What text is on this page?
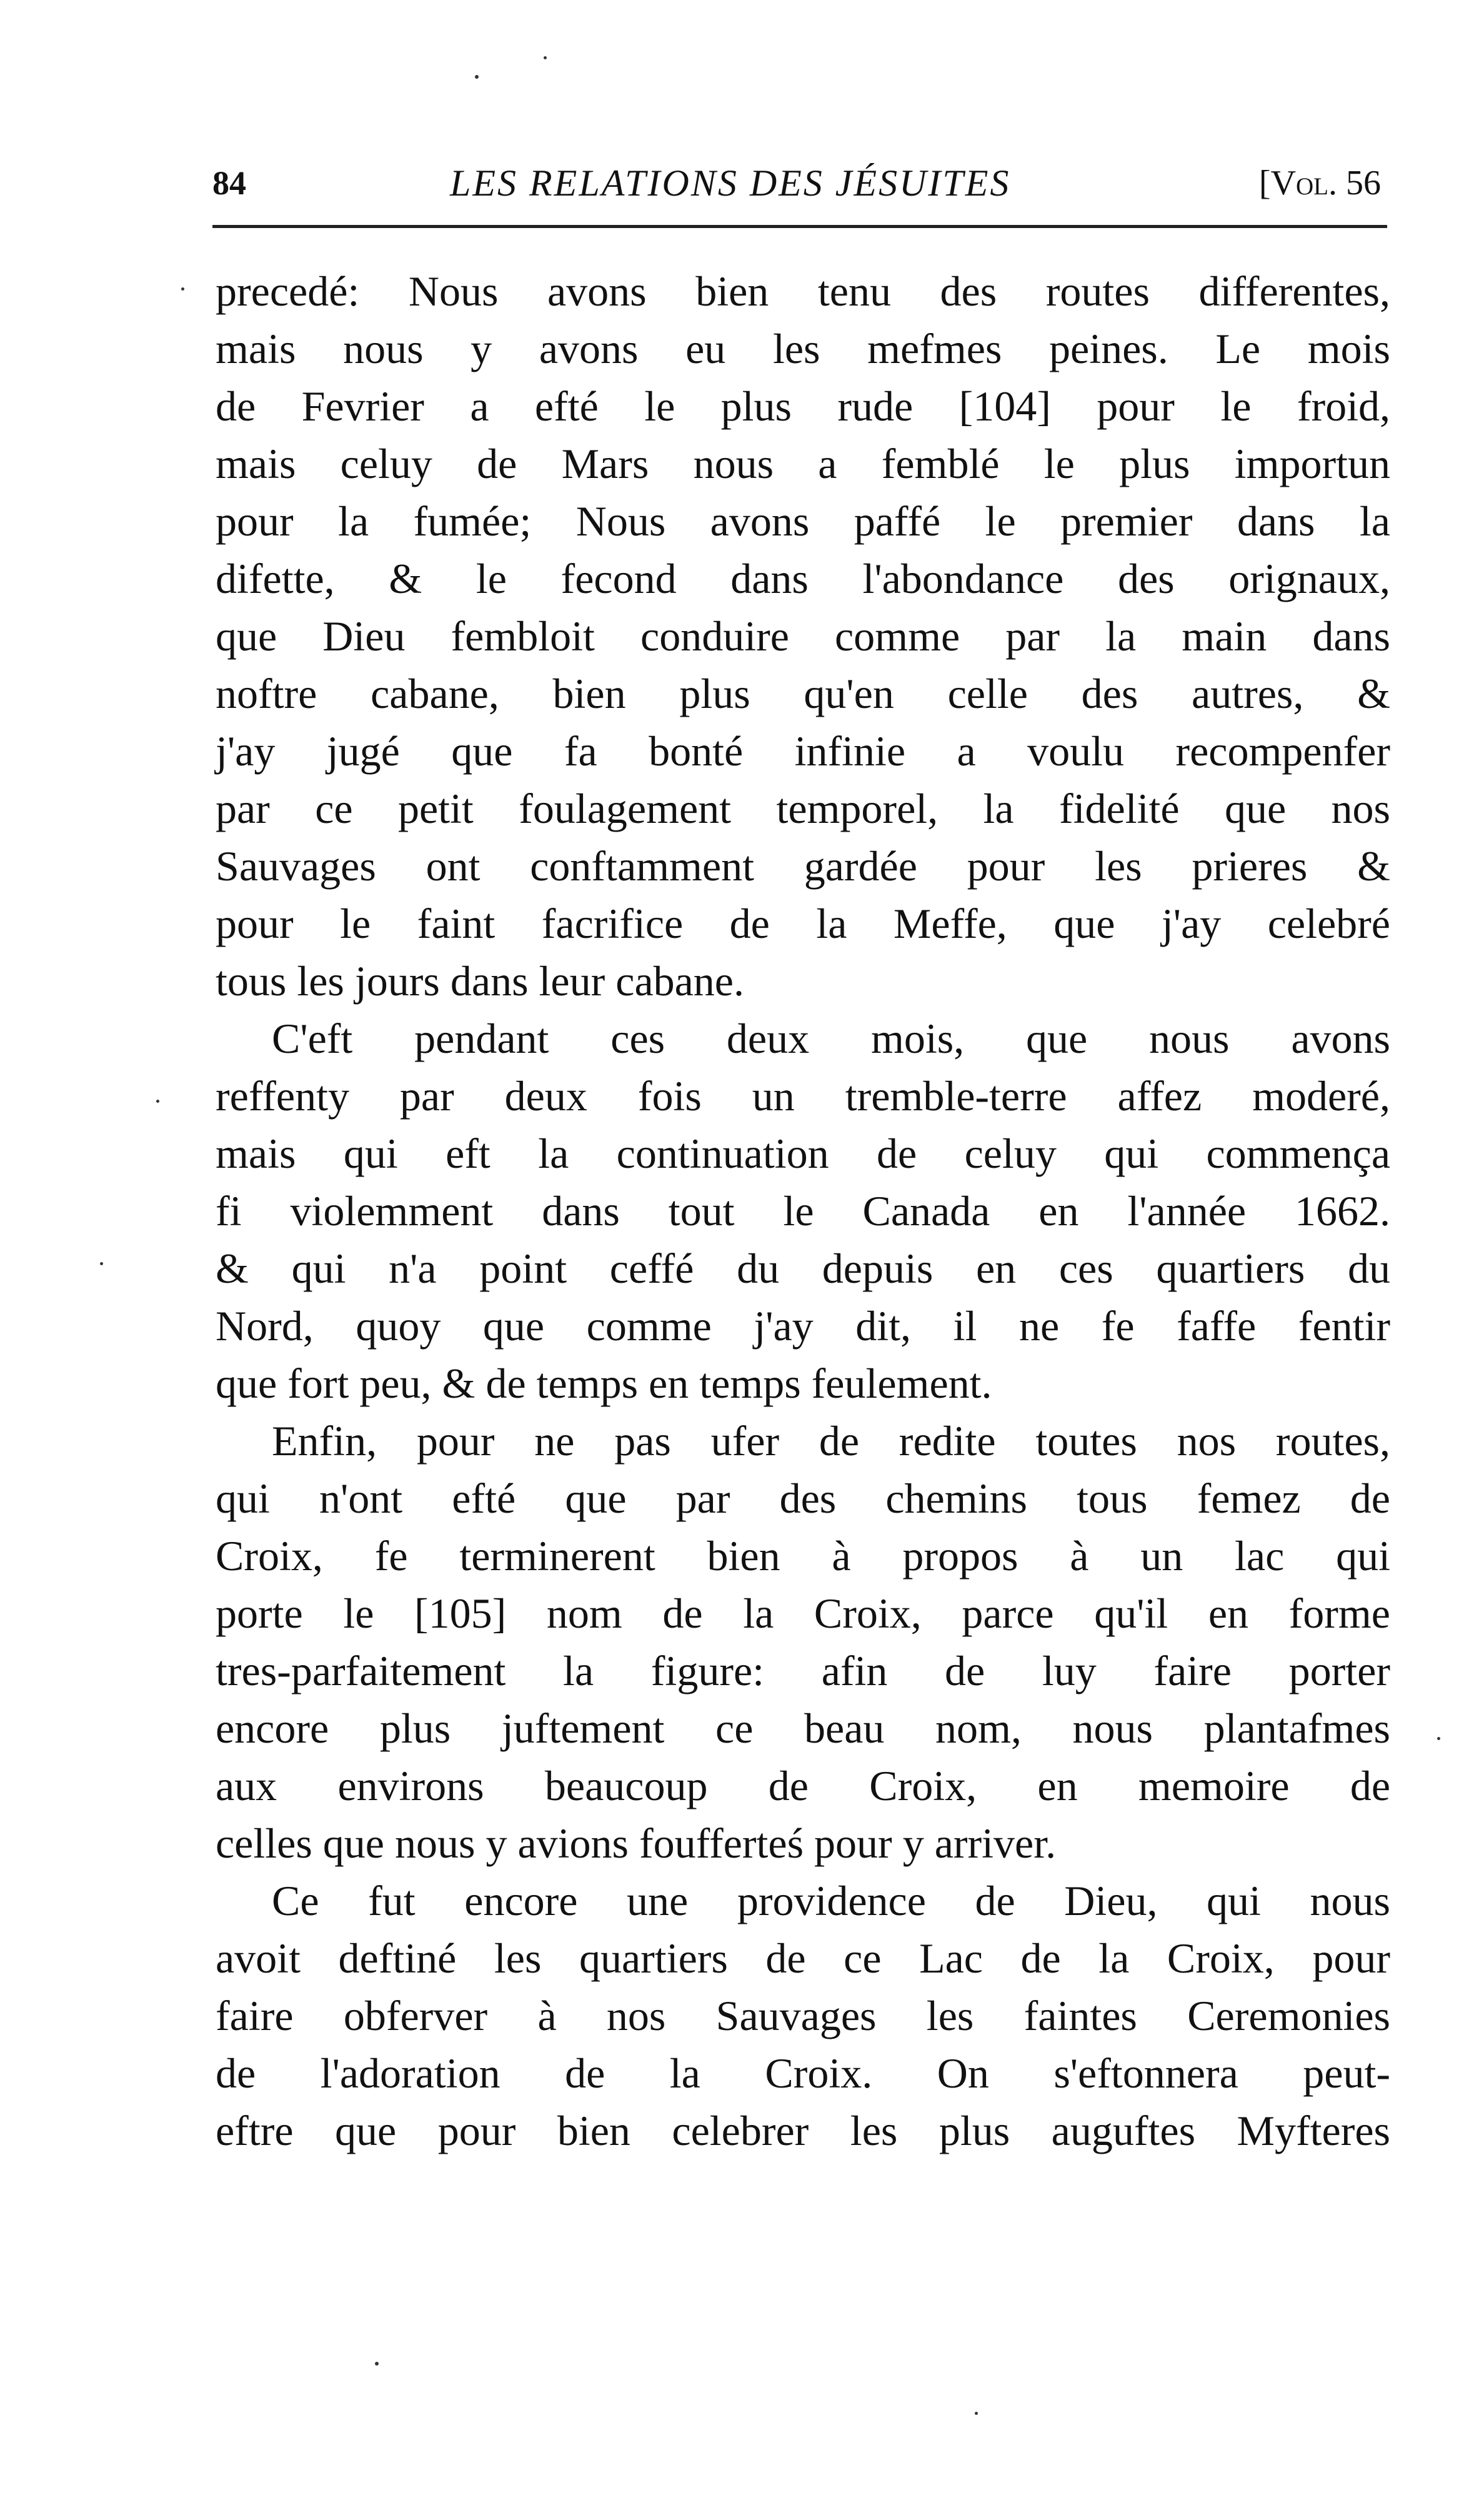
84	LES RELATIONS DES JÉSUITES	[Vol. 56
precedé: Nous avons bien tenu des routes differentes,
mais nous y avons eu les mefmes peines. Le mois
de Fevrier a efté le plus rude [104] pour le froid,
mais celuy de Mars nous a femblé le plus importun
pour la fumée; Nous avons paffé le premier dans la
difette, & le fecond dans l'abondance des orignaux,
que Dieu fembloit conduire comme par la main dans
noftre cabane, bien plus qu'en celle des autres, &
j'ay jugé que fa bonté infinie a voulu recompenfer
par ce petit foulagement temporel, la fidelité que nos
Sauvages ont conftamment gardée pour les prieres &
pour le faint facrifice de la Meffe, que j'ay celebré
tous les jours dans leur cabane.
C'eft pendant ces deux mois, que nous avons
reffenty par deux fois un tremble-terre affez moderé,
mais qui eft la continuation de celuy qui commença
fi violemment dans tout le Canada en l'année 1662.
& qui n'a point ceffé du depuis en ces quartiers du
Nord, quoy que comme j'ay dit, il ne fe faffe fentir
que fort peu, & de temps en temps feulement.
Enfin, pour ne pas ufer de redite toutes nos routes,
qui n'ont efté que par des chemins tous femez de
Croix, fe terminerent bien à propos à un lac qui
porte le [105] nom de la Croix, parce qu'il en forme
tres-parfaitement la figure: afin de luy faire porter
encore plus juftement ce beau nom, nous plantafmes
aux environs beaucoup de Croix, en memoire de
celles que nous y avions foufferteś pour y arriver.
Ce fut encore une providence de Dieu, qui nous
avoit deftiné les quartiers de ce Lac de la Croix, pour
faire obferver à nos Sauvages les faintes Ceremonies
de l'adoration de la Croix. On s'eftonnera peut-
eftre que pour bien celebrer les plus auguftes Myfteres
